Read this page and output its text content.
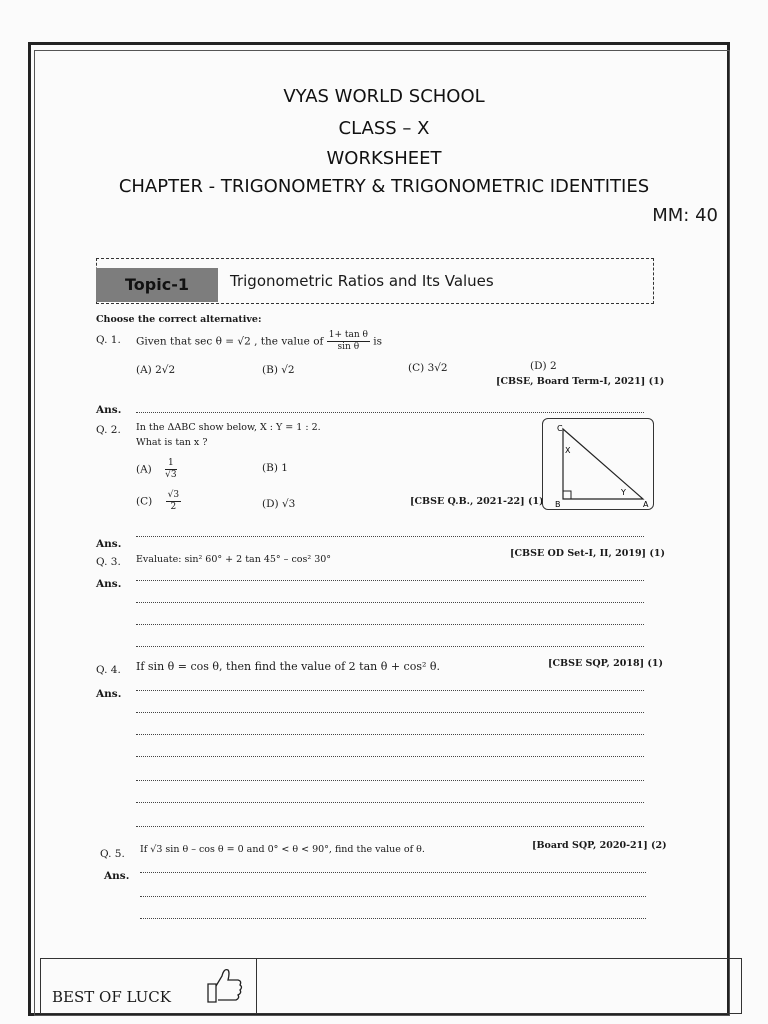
VYAS WORLD SCHOOL
CLASS – X
WORKSHEET
CHAPTER - TRIGONOMETRY & TRIGONOMETRIC IDENTITIES
MM: 40
Topic-1	Trigonometric Ratios and Its Values
Choose the correct alternative:
Q. 1. Given that sec θ = √2 , the value of $\frac{\text{1+ tan θ}}{\text{sin θ}}$ is
(A) 2√2	(B) √2	(C) 3√2	(D) 2
[CBSE, Board Term-I, 2021] (1)
Ans.
Q. 2. In the ΔABC show below, X : Y = 1 : 2.
What is tan x ?
$(A) \frac{1}{√3}$	(B) 1
$(C) \frac{√3}{2}$	(D) √3	[CBSE Q.B., 2021-22] (1)
C
X
Y
B	A
Ans.
Q. 3. Evaluate: sin² 60° + 2 tan 45° – cos² 30°
[CBSE OD Set-I, II, 2019] (1)
Ans.
Q. 4. If sin θ = cos θ, then find the value of 2 tan θ + cos² θ.	[CBSE SQP, 2018] (1)
Ans.
Q. 5. If √3 sin θ – cos θ = 0 and 0° < θ < 90°, find the value of θ.	[Board SQP, 2020-21] (2)
Ans.
BEST OF LUCK
